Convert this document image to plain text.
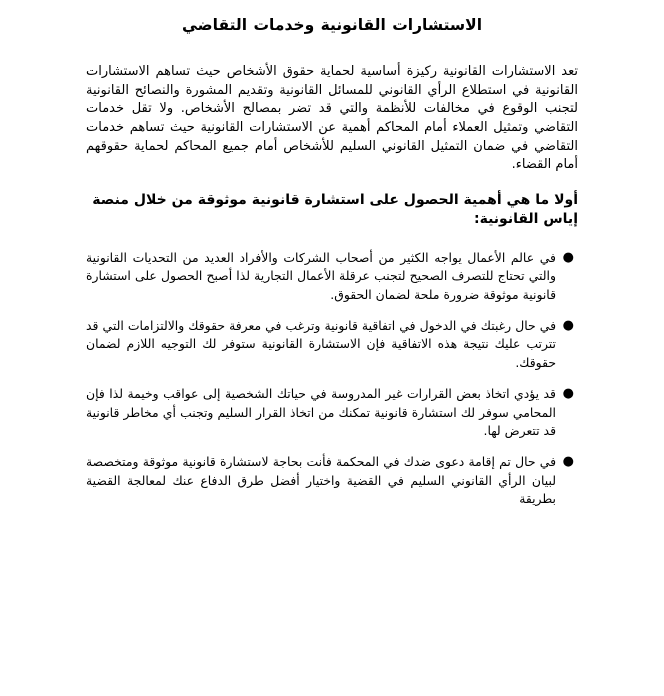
الاستشارات القانونية وخدمات التقاضي

تعد الاستشارات القانونية ركيزة أساسية لحماية حقوق الأشخاص حيث تساهم الاستشارات القانونية في استطلاع الرأي القانوني للمسائل القانونية وتقديم المشورة والنصائح القانونية لتجنب الوقوع في مخالفات للأنظمة والتي قد تضر بمصالح الأشخاص. ولا تقل خدمات التقاضي وتمثيل العملاء أمام المحاكم أهمية عن الاستشارات القانونية حيث تساهم خدمات التقاضي في ضمان التمثيل القانوني السليم للأشخاص أمام جميع المحاكم لحماية حقوقهم أمام القضاء.

أولا ما هي أهمية الحصول على استشارة قانونية موثوقة من خلال منصة إياس القانونية:
●
في عالم الأعمال يواجه الكثير من أصحاب الشركات والأفراد العديد من التحديات القانونية والتي تحتاج للتصرف الصحيح لتجنب عرقلة الأعمال التجارية لذا أصبح الحصول على استشارة قانونية موثوقة ضرورة ملحة لضمان الحقوق.
●
في حال رغبتك في الدخول في اتفاقية قانونية وترغب في معرفة حقوقك والالتزامات التي قد تترتب عليك نتيجة هذه الاتفاقية فإن الاستشارة القانونية ستوفر لك التوجيه اللازم لضمان حقوقك.
●
قد يؤدي اتخاذ بعض القرارات غير المدروسة في حياتك الشخصية إلى عواقب وخيمة لذا فإن المحامي سوفر لك استشارة قانونية تمكنك من اتخاذ القرار السليم وتجنب أي مخاطر قانونية قد تتعرض لها.
●
في حال تم إقامة دعوى ضدك في المحكمة فأنت بحاجة لاستشارة قانونية موثوقة ومتخصصة لبيان الرأي القانوني السليم في القضية واختيار أفضل طرق الدفاع عنك لمعالجة القضية بطريقة
